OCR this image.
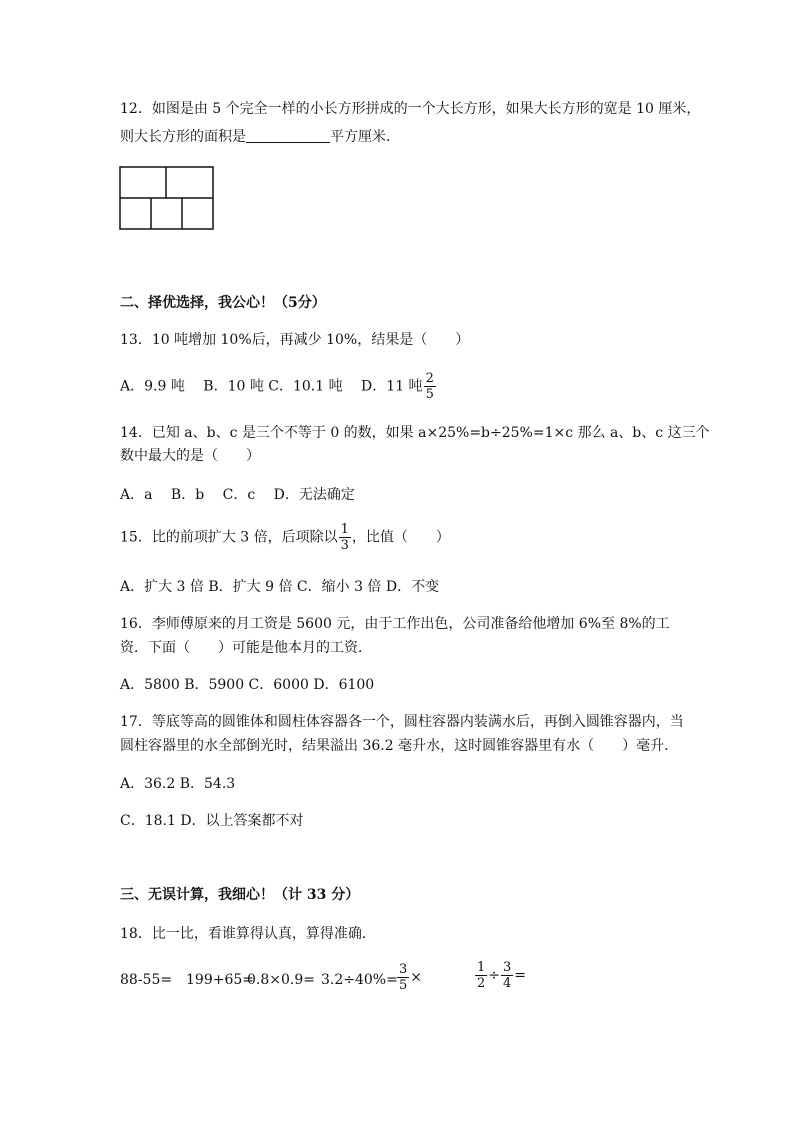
12．如图是由 5 个完全一样的小长方形拼成的一个大长方形，如果大长方形的宽是 10 厘米，
则大长方形的面积是	平方厘米．
二、择优选择，我公心！（5分）
13．10 吨增加 10%后，再减少 10%，结果是（　　）
A．9.9 吨　 B．10 吨 C．10.1 吨　 D．11 吨 $\frac{2}{5}$
14．已知 a、b、c 是三个不等于 0 的数，如果 a×25%=b÷25%=1×c 那么 a、b、c 这三个
数中最大的是（　　）
A．a　 B．b　 C．c　 D．无法确定
15．比的前项扩大 3 倍，后项除以 $\frac{1}{3}$ ，比值（　　）
A．扩大 3 倍 B．扩大 9 倍 C．缩小 3 倍 D．不变
16．李师傅原来的月工资是 5600 元，由于工作出色，公司准备给他增加 6%至 8%的工
资．下面（　　）可能是他本月的工资．
A．5800 B．5900 C．6000 D．6100
17．等底等高的圆锥体和圆柱体容器各一个，圆柱容器内装满水后，再倒入圆锥容器内，当
圆柱容器里的水全部倒光时，结果溢出 36.2 毫升水，这时圆锥容器里有水（　　）毫升．
A．36.2 B．54.3
C．18.1 D．以上答案都不对
三、无误计算，我细心！（计 33 分）
18．比一比，看谁算得认真，算得准确．
88-55= 199+65=
$0.8\times 0.9= 3.2\div 40\%= \frac{3}{5}$ ×	$\frac{1}{2} \div \frac{3}{4}$ =
